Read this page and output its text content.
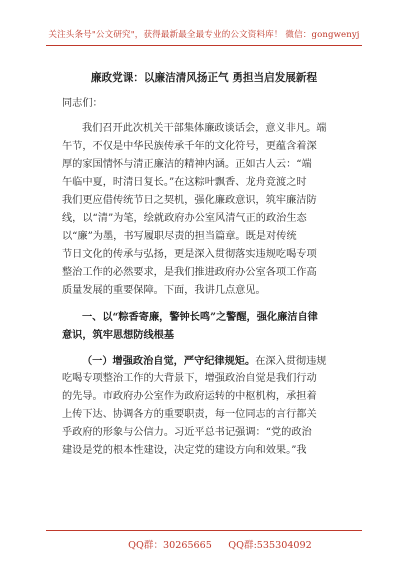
关注头条号"公文研究"，获得最新最全最专业的公文资料库！ 微信：gongwenyj
廉政党课：以廉洁清风扬正气 勇担当启发展新程
同志们：
我们召开此次机关干部集体廉政谈话会，意义非凡。端
午节，不仅是中华民族传承千年的文化符号，更蕴含着深
厚的家国情怀与清正廉洁的精神内涵。正如古人云：“端
午临中夏，时清日复长。”在这粽叶飘香、龙舟竞渡之时
我们更应借传统节日之契机，强化廉政意识，筑牢廉洁防
线，以“清”为笔，绘就政府办公室风清气正的政治生态
以“廉”为墨，书写履职尽责的担当篇章。既是对传统
节日文化的传承与弘扬，更是深入贯彻落实违规吃喝专项
整治工作的必然要求，是我们推进政府办公室各项工作高
质量发展的重要保障。下面，我讲几点意见。
一、以“粽香寄廉，警钟长鸣”之警醒，强化廉洁自律
意识，筑牢思想防线根基
（一）增强政治自觉，严守纪律规矩。在深入贯彻违规
吃喝专项整治工作的大背景下，增强政治自觉是我们行动
的先导。市政府办公室作为政府运转的中枢机构，承担着
上传下达、协调各方的重要职责，每一位同志的言行都关
乎政府的形象与公信力。习近平总书记强调：“党的政治
建设是党的根本性建设，决定党的建设方向和效果。”我
QQ群：30265665	QQ群:535304092
